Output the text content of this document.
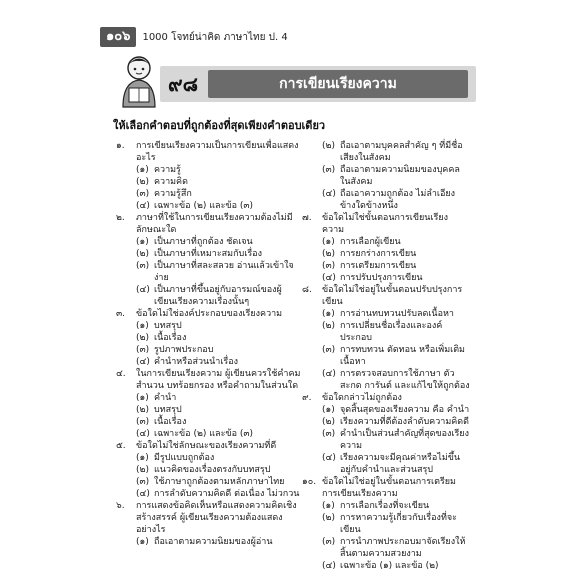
๑๐๖	1000 โจทย์น่าคิด ภาษาไทย ป. 4
การเขียนเรียงความ
๙๘
ให้เลือกคำตอบที่ถูกต้องที่สุดเพียงคำตอบเดียว
๑.	การเขียนเรียงความเป็นการเขียนเพื่อแสดงอะไร
(๑) ความรู้
(๒) ความคิด
(๓) ความรู้สึก
(๔) เฉพาะข้อ (๒) และข้อ (๓)
๒.	ภาษาที่ใช้ในการเขียนเรียงความต้องไม่มีลักษณะใด
(๑) เป็นภาษาที่ถูกต้อง ชัดเจน
(๒) เป็นภาษาที่เหมาะสมกับเรื่อง
(๓) เป็นภาษาที่สละสลวย อ่านแล้วเข้าใจง่าย
(๔) เป็นภาษาที่ขึ้นอยู่กับอารมณ์ของผู้เขียนเรียงความเรื่องนั้นๆ
๓.	ข้อใดไม่ใช่องค์ประกอบของเรียงความ
(๑) บทสรุป
(๒) เนื้อเรื่อง
(๓) รูปภาพประกอบ
(๔) คำนำหรือส่วนนำเรื่อง
๔.	ในการเขียนเรียงความ ผู้เขียนควรใช้คำคมสำนวน บทร้อยกรอง หรือคำถามในส่วนใด
(๑) คำนำ
(๒) บทสรุป
(๓) เนื้อเรื่อง
(๔) เฉพาะข้อ (๒) และข้อ (๓)
๕.	ข้อใดไม่ใช่ลักษณะของเรียงความที่ดี
(๑) มีรูปแบบถูกต้อง
(๒) แนวคิดของเรื่องตรงกับบทสรุป
(๓) ใช้ภาษาถูกต้องตามหลักภาษาไทย
(๔) การลำดับความคิดดี ต่อเนื่อง ไม่วกวน
๖.	การแสดงข้อคิดเห็นหรือแสดงความคิดเชิงสร้างสรรค์ ผู้เขียนเรียงความต้องแสดงอย่างไร
(๑) ถือเอาตามความนิยมของผู้อ่าน
(๒) ถือเอาตามบุคคลสำคัญ ๆ ที่มีชื่อเสียงในสังคม
(๓) ถือเอาตามความนิยมของบุคคลในสังคม
(๔) ถือเอาความถูกต้อง ไม่ลำเอียงข้างใดข้างหนึ่ง
๗.	ข้อใดไม่ใช่ขั้นตอนการเขียนเรียงความ
(๑) การเลือกผู้เขียน
(๒) การยกร่างการเขียน
(๓) การเตรียมการเขียน
(๔) การปรับปรุงการเขียน
๘.	ข้อใดไม่ใช่อยู่ในขั้นตอนปรับปรุงการเขียน
(๑) การอ่านทบทวนปรับลดเนื้อหา
(๒) การเปลี่ยนชื่อเรื่องและองค์ประกอบ
(๓) การทบทวน ตัดทอน หรือเพิ่มเติมเนื้อหา
(๔) การตรวจสอบการใช้ภาษา ตัวสะกด การันต์ และแก้ไขให้ถูกต้อง
๙.	ข้อใดกล่าวไม่ถูกต้อง
(๑) จุดสิ้นสุดของเรียงความ คือ คำนำ
(๒) เรียงความที่ดีต้องลำดับความคิดดี
(๓) คำนำเป็นส่วนสำคัญที่สุดของเรียงความ
(๔) เรียงความจะมีคุณค่าหรือไม่ขึ้นอยู่กับคำนำและส่วนสรุป
๑๐. ข้อใดไม่ใช่อยู่ในขั้นตอนการเตรียมการเขียนเรียงความ
(๑) การเลือกเรื่องที่จะเขียน
(๒) การหาความรู้เกี่ยวกับเรื่องที่จะเขียน
(๓) การนำภาพประกอบมาจัดเรียงให้สิ้นตามความสวยงาม
(๔) เฉพาะข้อ (๑) และข้อ (๒)
